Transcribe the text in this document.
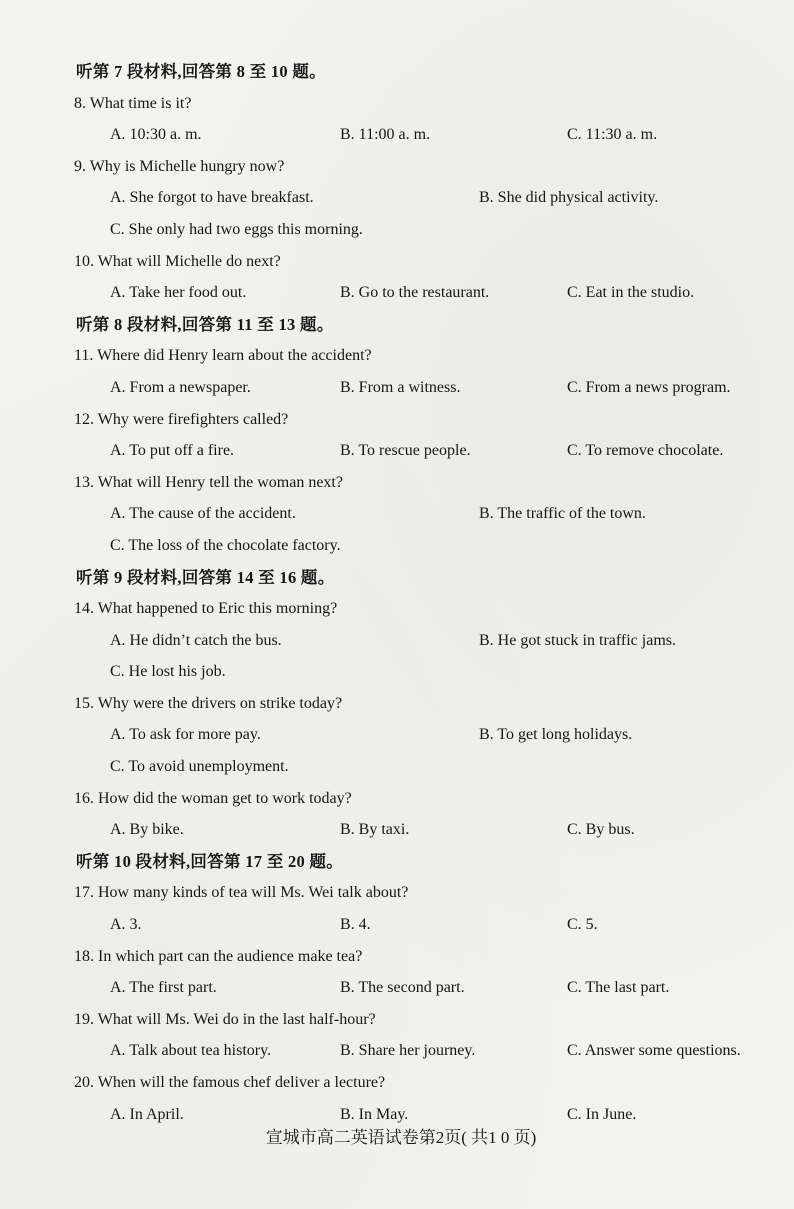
听第 7 段材料,回答第 8 至 10 题。
8. What time is it?
A. 10:30 a. m.	B. 11:00 a. m.	C. 11:30 a. m.
9. Why is Michelle hungry now?
A. She forgot to have breakfast.	B. She did physical activity.
C. She only had two eggs this morning.
10. What will Michelle do next?
A. Take her food out.	B. Go to the restaurant.	C. Eat in the studio.
听第 8 段材料,回答第 11 至 13 题。
11. Where did Henry learn about the accident?
A. From a newspaper.	B. From a witness.	C. From a news program.
12. Why were firefighters called?
A. To put off a fire.	B. To rescue people.	C. To remove chocolate.
13. What will Henry tell the woman next?
A. The cause of the accident.	B. The traffic of the town.
C. The loss of the chocolate factory.
听第 9 段材料,回答第 14 至 16 题。
14. What happened to Eric this morning?
A. He didn’t catch the bus.	B. He got stuck in traffic jams.
C. He lost his job.
15. Why were the drivers on strike today?
A. To ask for more pay.	B. To get long holidays.
C. To avoid unemployment.
16. How did the woman get to work today?
A. By bike.	B. By taxi.	C. By bus.
听第 10 段材料,回答第 17 至 20 题。
17. How many kinds of tea will Ms. Wei talk about?
A. 3.	B. 4.	C. 5.
18. In which part can the audience make tea?
A. The first part.	B. The second part.	C. The last part.
19. What will Ms. Wei do in the last half-hour?
A. Talk about tea history.	B. Share her journey.	C. Answer some questions.
20. When will the famous chef deliver a lecture?
A. In April.	B. In May.	C. In June.
宣城市高二英语试卷第2页( 共1 0 页)
